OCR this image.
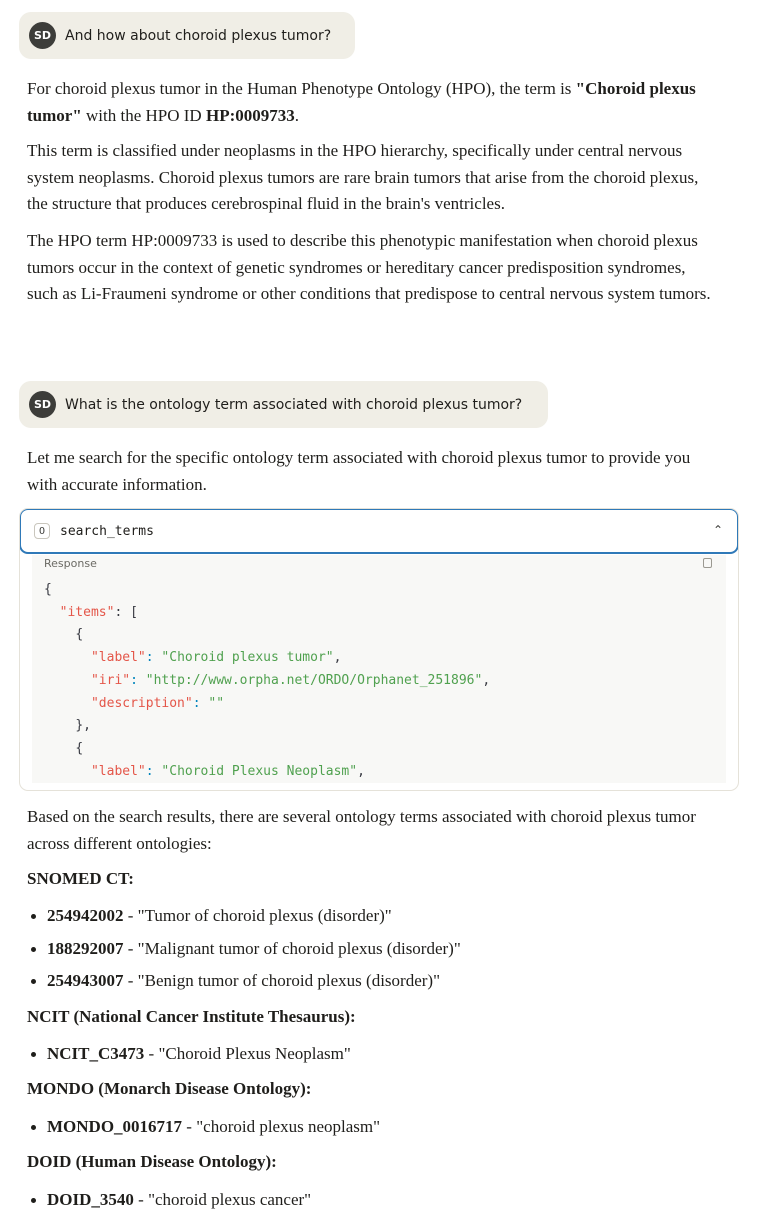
SD And how about choroid plexus tumor?

For choroid plexus tumor in the Human Phenotype Ontology (HPO), the term is "Choroid plexus tumor" with the HPO ID HP:0009733.

This term is classified under neoplasms in the HPO hierarchy, specifically under central nervous system neoplasms. Choroid plexus tumors are rare brain tumors that arise from the choroid plexus, the structure that produces cerebrospinal fluid in the brain's ventricles.

The HPO term HP:0009733 is used to describe this phenotypic manifestation when choroid plexus tumors occur in the context of genetic syndromes or hereditary cancer predisposition syndromes, such as Li-Fraumeni syndrome or other conditions that predispose to central nervous system tumors.

SD What is the ontology term associated with choroid plexus tumor?

Let me search for the specific ontology term associated with choroid plexus tumor to provide you with accurate information.

O	search_terms	⌃
Response
{
"items": [
{
"label": "Choroid plexus tumor",
"iri": "http://www.orpha.net/ORDO/Orphanet_251896",
"description": ""
},
{
"label": "Choroid Plexus Neoplasm",

Based on the search results, there are several ontology terms associated with choroid plexus tumor across different ontologies:

SNOMED CT:

254942002 - "Tumor of choroid plexus (disorder)"
188292007 - "Malignant tumor of choroid plexus (disorder)"
254943007 - "Benign tumor of choroid plexus (disorder)"

NCIT (National Cancer Institute Thesaurus):

NCIT_C3473 - "Choroid Plexus Neoplasm"

MONDO (Monarch Disease Ontology):

MONDO_0016717 - "choroid plexus neoplasm"

DOID (Human Disease Ontology):

DOID_3540 - "choroid plexus cancer"
